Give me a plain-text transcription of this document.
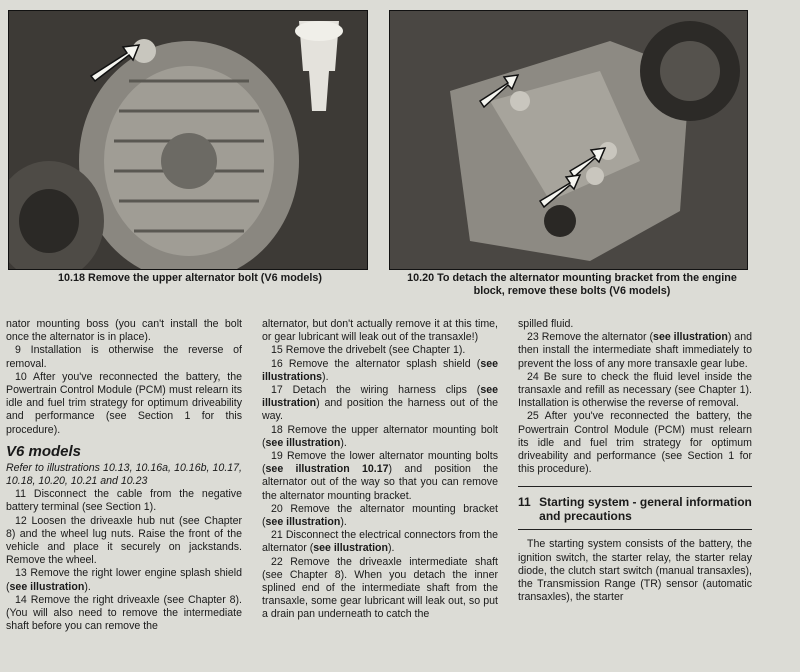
10.18 Remove the upper alternator bolt (V6 models)	10.20 To detach the alternator mounting bracket from the engine block, remove these bolts (V6 models)

nator mounting boss (you can't install the bolt once the alternator is in place).

9 Installation is otherwise the reverse of removal.

10 After you've reconnected the battery, the Powertrain Control Module (PCM) must relearn its idle and fuel trim strategy for optimum driveability and performance (see Section 1 for this procedure).

V6 models

Refer to illustrations 10.13, 10.16a, 10.16b, 10.17, 10.18, 10.20, 10.21 and 10.23

11 Disconnect the cable from the negative battery terminal (see Section 1).

12 Loosen the driveaxle hub nut (see Chapter 8) and the wheel lug nuts. Raise the front of the vehicle and place it securely on jackstands. Remove the wheel.

13 Remove the right lower engine splash shield (see illustration).

14 Remove the right driveaxle (see Chapter 8). (You will also need to remove the intermediate shaft before you can remove the

alternator, but don't actually remove it at this time, or gear lubricant will leak out of the transaxle!)

15 Remove the drivebelt (see Chapter 1).

16 Remove the alternator splash shield (see illustrations).

17 Detach the wiring harness clips (see illustration) and position the harness out of the way.

18 Remove the upper alternator mounting bolt (see illustration).

19 Remove the lower alternator mounting bolts (see illustration 10.17) and position the alternator out of the way so that you can remove the alternator mounting bracket.

20 Remove the alternator mounting bracket (see illustration).

21 Disconnect the electrical connectors from the alternator (see illustration).

22 Remove the driveaxle intermediate shaft (see Chapter 8). When you detach the inner splined end of the intermediate shaft from the transaxle, some gear lubricant will leak out, so put a drain pan underneath to catch the

spilled fluid.

23 Remove the alternator (see illustration) and then install the intermediate shaft immediately to prevent the loss of any more transaxle gear lube.

24 Be sure to check the fluid level inside the transaxle and refill as necessary (see Chapter 1). Installation is otherwise the reverse of removal.

25 After you've reconnected the battery, the Powertrain Control Module (PCM) must relearn its idle and fuel trim strategy for optimum driveability and performance (see Section 1 for this procedure).

11 Starting system - general information and precautions

The starting system consists of the battery, the ignition switch, the starter relay, the starter relay diode, the clutch start switch (manual transaxles), the Transmission Range (TR) sensor (automatic transaxles), the starter
